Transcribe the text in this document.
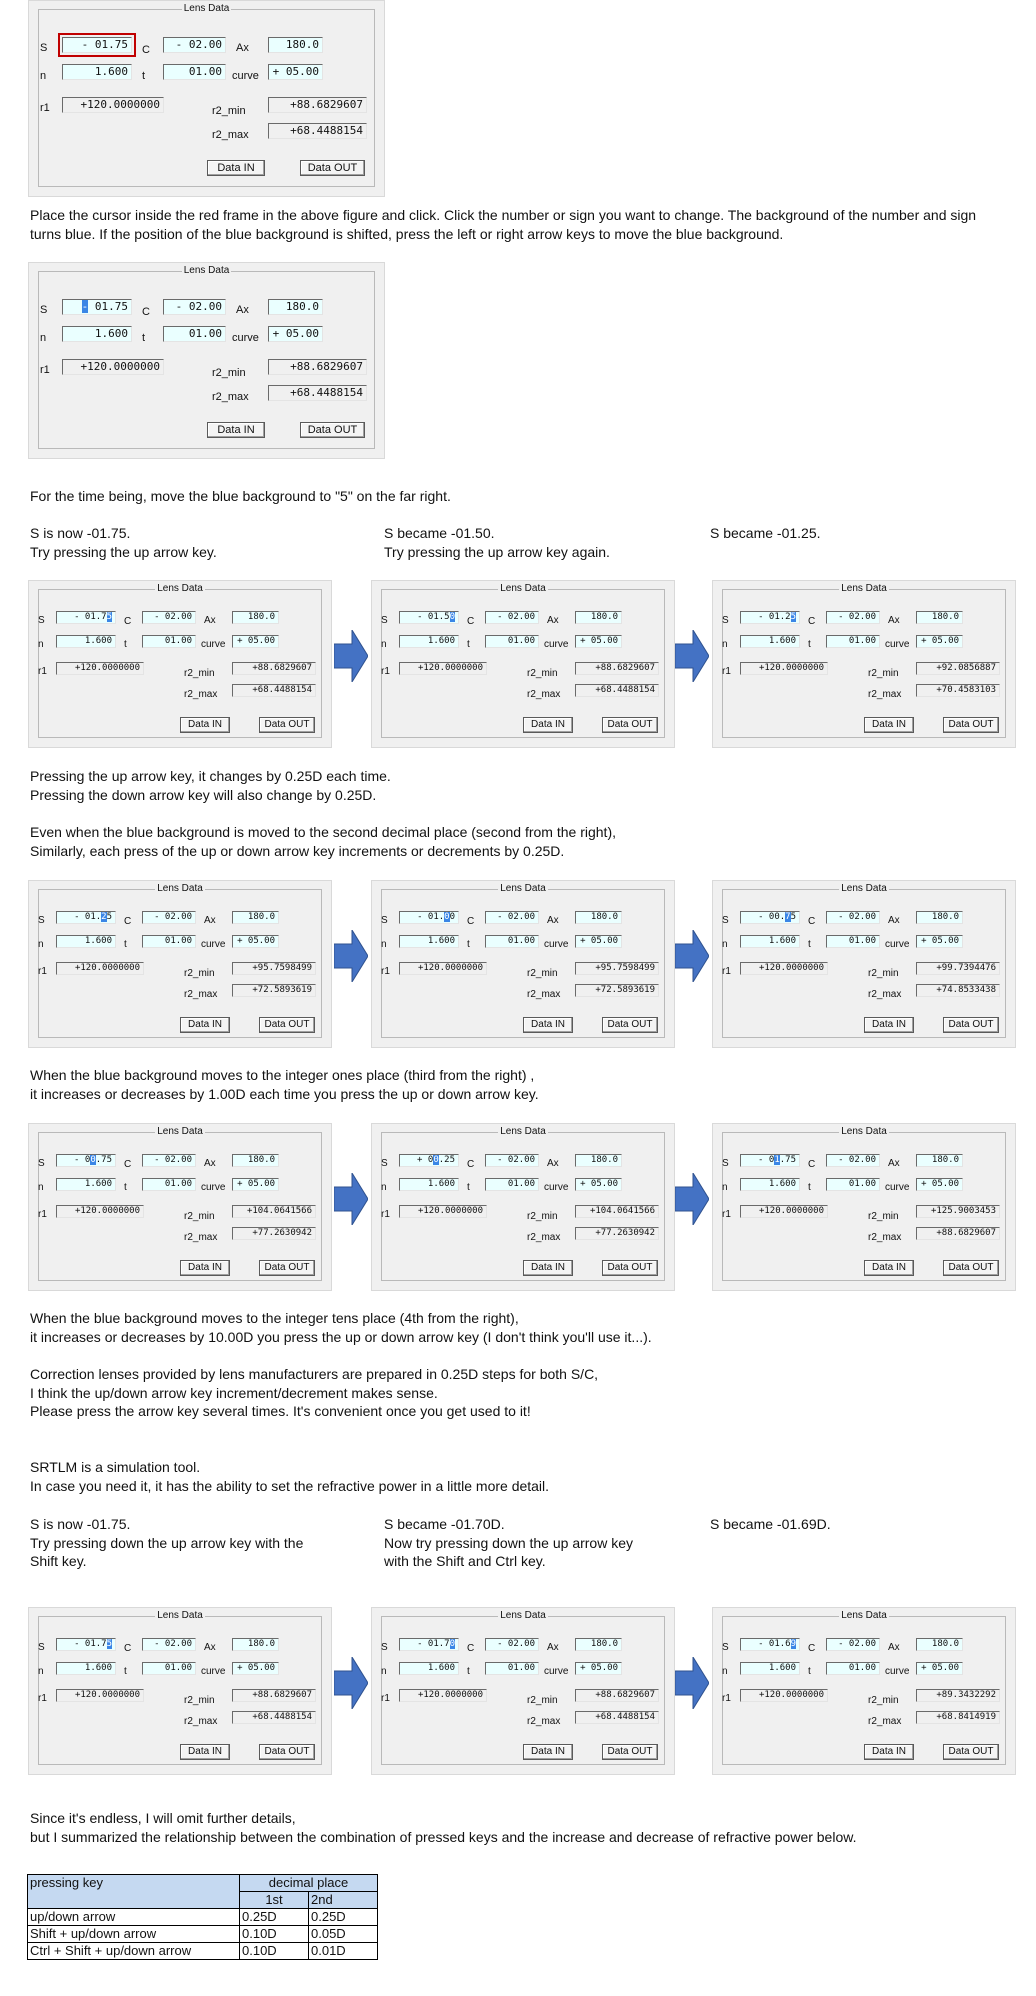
Lens Data
S	- 01.75	C	- 02.00	Ax	180.0
n	1.600	t	01.00 curve	+ 05.00
r1	+120.0000000	r2_min	+88.6829607
r2_max	+68.4488154
Data IN	Data OUT
Lens Data
S	- 01.75	C	- 02.00	Ax	180.0
n	1.600	t	01.00 curve	+ 05.00
r1	+120.0000000	r2_min	+88.6829607
r2_max	+68.4488154
Data IN	Data OUT
Lens Data
S	- 01.75	C	- 02.00	Ax	180.0
n	1.600	t	01.00 curve	+ 05.00
r1	+120.0000000	r2_min	+88.6829607
r2_max	+68.4488154
Data IN	Data OUT
Lens Data
S	- 01.50	C	- 02.00	Ax	180.0
n	1.600	t	01.00 curve	+ 05.00
r1	+120.0000000	r2_min	+88.6829607
r2_max	+68.4488154
Data IN	Data OUT
Lens Data
S	- 01.25	C	- 02.00	Ax	180.0
n	1.600	t	01.00 curve	+ 05.00
r1	+120.0000000	r2_min	+92.0856887
r2_max	+70.4583103
Data IN	Data OUT
Lens Data
S	- 01.25	C	- 02.00	Ax	180.0
n	1.600	t	01.00 curve	+ 05.00
r1	+120.0000000	r2_min	+95.7598499
r2_max	+72.5893619
Data IN	Data OUT
Lens Data
S	- 01.00	C	- 02.00	Ax	180.0
n	1.600	t	01.00 curve	+ 05.00
r1	+120.0000000	r2_min	+95.7598499
r2_max	+72.5893619
Data IN	Data OUT
Lens Data
S	- 00.75	C	- 02.00	Ax	180.0
n	1.600	t	01.00 curve	+ 05.00
r1	+120.0000000	r2_min	+99.7394476
r2_max	+74.8533438
Data IN	Data OUT
Lens Data
S	- 00.75	C	- 02.00	Ax	180.0
n	1.600	t	01.00 curve	+ 05.00
r1	+120.0000000	r2_min	+104.0641566
r2_max	+77.2630942
Data IN	Data OUT
Lens Data
S	+ 00.25	C	- 02.00	Ax	180.0
n	1.600	t	01.00 curve	+ 05.00
r1	+120.0000000	r2_min	+104.0641566
r2_max	+77.2630942
Data IN	Data OUT
Lens Data
S	- 01.75	C	- 02.00	Ax	180.0
n	1.600	t	01.00 curve	+ 05.00
r1	+120.0000000	r2_min	+125.9003453
r2_max	+88.6829607
Data IN	Data OUT
Lens Data
S	- 01.75	C	- 02.00	Ax	180.0
n	1.600	t	01.00 curve	+ 05.00
r1	+120.0000000	r2_min	+88.6829607
r2_max	+68.4488154
Data IN	Data OUT
Lens Data
S	- 01.70	C	- 02.00	Ax	180.0
n	1.600	t	01.00 curve	+ 05.00
r1	+120.0000000	r2_min	+88.6829607
r2_max	+68.4488154
Data IN	Data OUT
Lens Data
S	- 01.69	C	- 02.00	Ax	180.0
n	1.600	t	01.00 curve	+ 05.00
r1	+120.0000000	r2_min	+89.3432292
r2_max	+68.8414919
Data IN	Data OUT

Place the cursor inside the red frame in the above figure and click. Click the number or sign you want to change. The background of the number and sign

turns blue. If the position of the blue background is shifted, press the left or right arrow keys to move the blue background.

For the time being, move the blue background to "5" on the far right.

S is now -01.75.

Try pressing the up arrow key.

S became -01.50.

Try pressing the up arrow key again.

S became -01.25.

Pressing the up arrow key, it changes by 0.25D each time.

Pressing the down arrow key will also change by 0.25D.

Even when the blue background is moved to the second decimal place (second from the right),

Similarly, each press of the up or down arrow key increments or decrements by 0.25D.

When the blue background moves to the integer ones place (third from the right) ,

it increases or decreases by 1.00D each time you press the up or down arrow key.

When the blue background moves to the integer tens place (4th from the right),

it increases or decreases by 10.00D you press the up or down arrow key (I don't think you'll use it...).

Correction lenses provided by lens manufacturers are prepared in 0.25D steps for both S/C,

I think the up/down arrow key increment/decrement makes sense.

Please press the arrow key several times. It's convenient once you get used to it!

SRTLM is a simulation tool.

In case you need it, it has the ability to set the refractive power in a little more detail.

S is now -01.75.

Try pressing down the up arrow key with the

Shift key.

S became -01.70D.

Now try pressing down the up arrow key

with the Shift and Ctrl key.

S became -01.69D.

Since it's endless, I will omit further details,

but I summarized the relationship between the combination of pressed keys and the increase and decrease of refractive power below.

pressing key	decimal place	
	1st	2nd
up/down arrow	0.25D	0.25D
Shift + up/down arrow	0.10D	0.05D
Ctrl + Shift + up/down arrow	0.10D	0.01D
